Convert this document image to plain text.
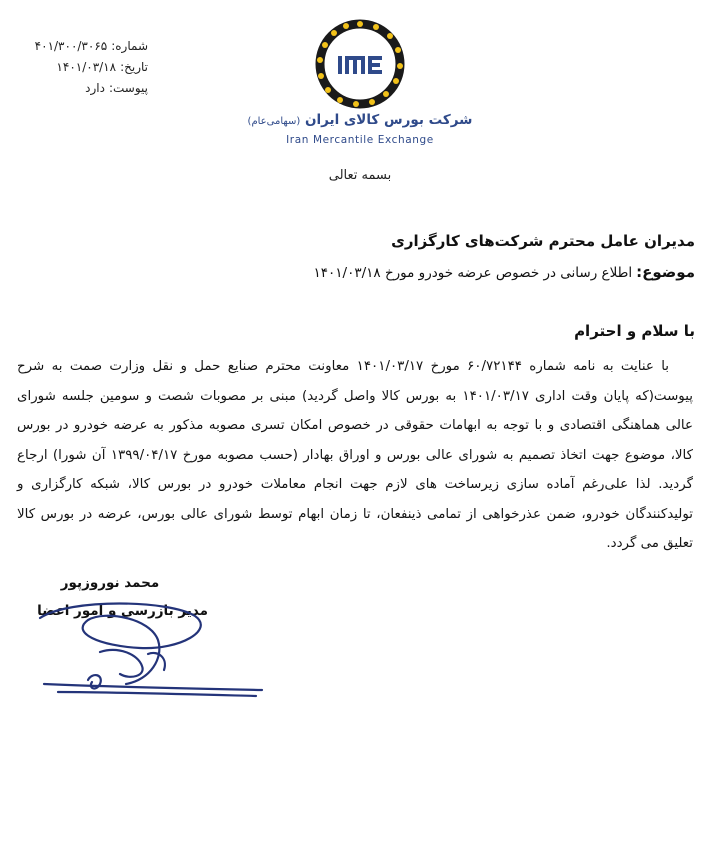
شماره:۴۰۱/۳۰۰/۳۰۶۵
تاریخ:۱۴۰۱/۰۳/۱۸
پیوست:دارد
شرکت بورس کالای ایران (سهامی‌عام)
Iran Mercantile Exchange
بسمه تعالی
مدیران عامل محترم شرکت‌های کارگزاری
موضوع:اطلاع رسانی در خصوص عرضه خودرو مورخ ۱۴۰۱/۰۳/۱۸
با سلام و احترام
با عنایت به نامه شماره ۶۰/۷۲۱۴۴ مورخ ۱۴۰۱/۰۳/۱۷ معاونت محترم صنایع حمل و نقل وزارت صمت به شرح
پیوست(که پایان وقت اداری ۱۴۰۱/۰۳/۱۷ به بورس کالا واصل گردید) مبنی بر مصوبات شصت و سومین جلسه شورای
عالی هماهنگی اقتصادی و با توجه به ابهامات حقوقی در خصوص امکان تسری مصوبه مذکور به عرضه خودرو در بورس
کالا، موضوع جهت اتخاذ تصمیم به شورای عالی بورس و اوراق بهادار (حسب مصوبه مورخ ۱۳۹۹/۰۴/۱۷ آن شورا) ارجاع
گردید. لذا علی‌رغم آماده سازی زیرساخت های لازم جهت انجام معاملات خودرو در بورس کالا، شبکه کارگزاری و
تولیدکنندگان خودرو، ضمن عذرخواهی از تمامی ذینفعان، تا زمان ابهام توسط شورای عالی بورس، عرضه در بورس کالا
تعلیق می گردد.
محمد نوروزپور
مدیر بازرسی و امور اعضا
